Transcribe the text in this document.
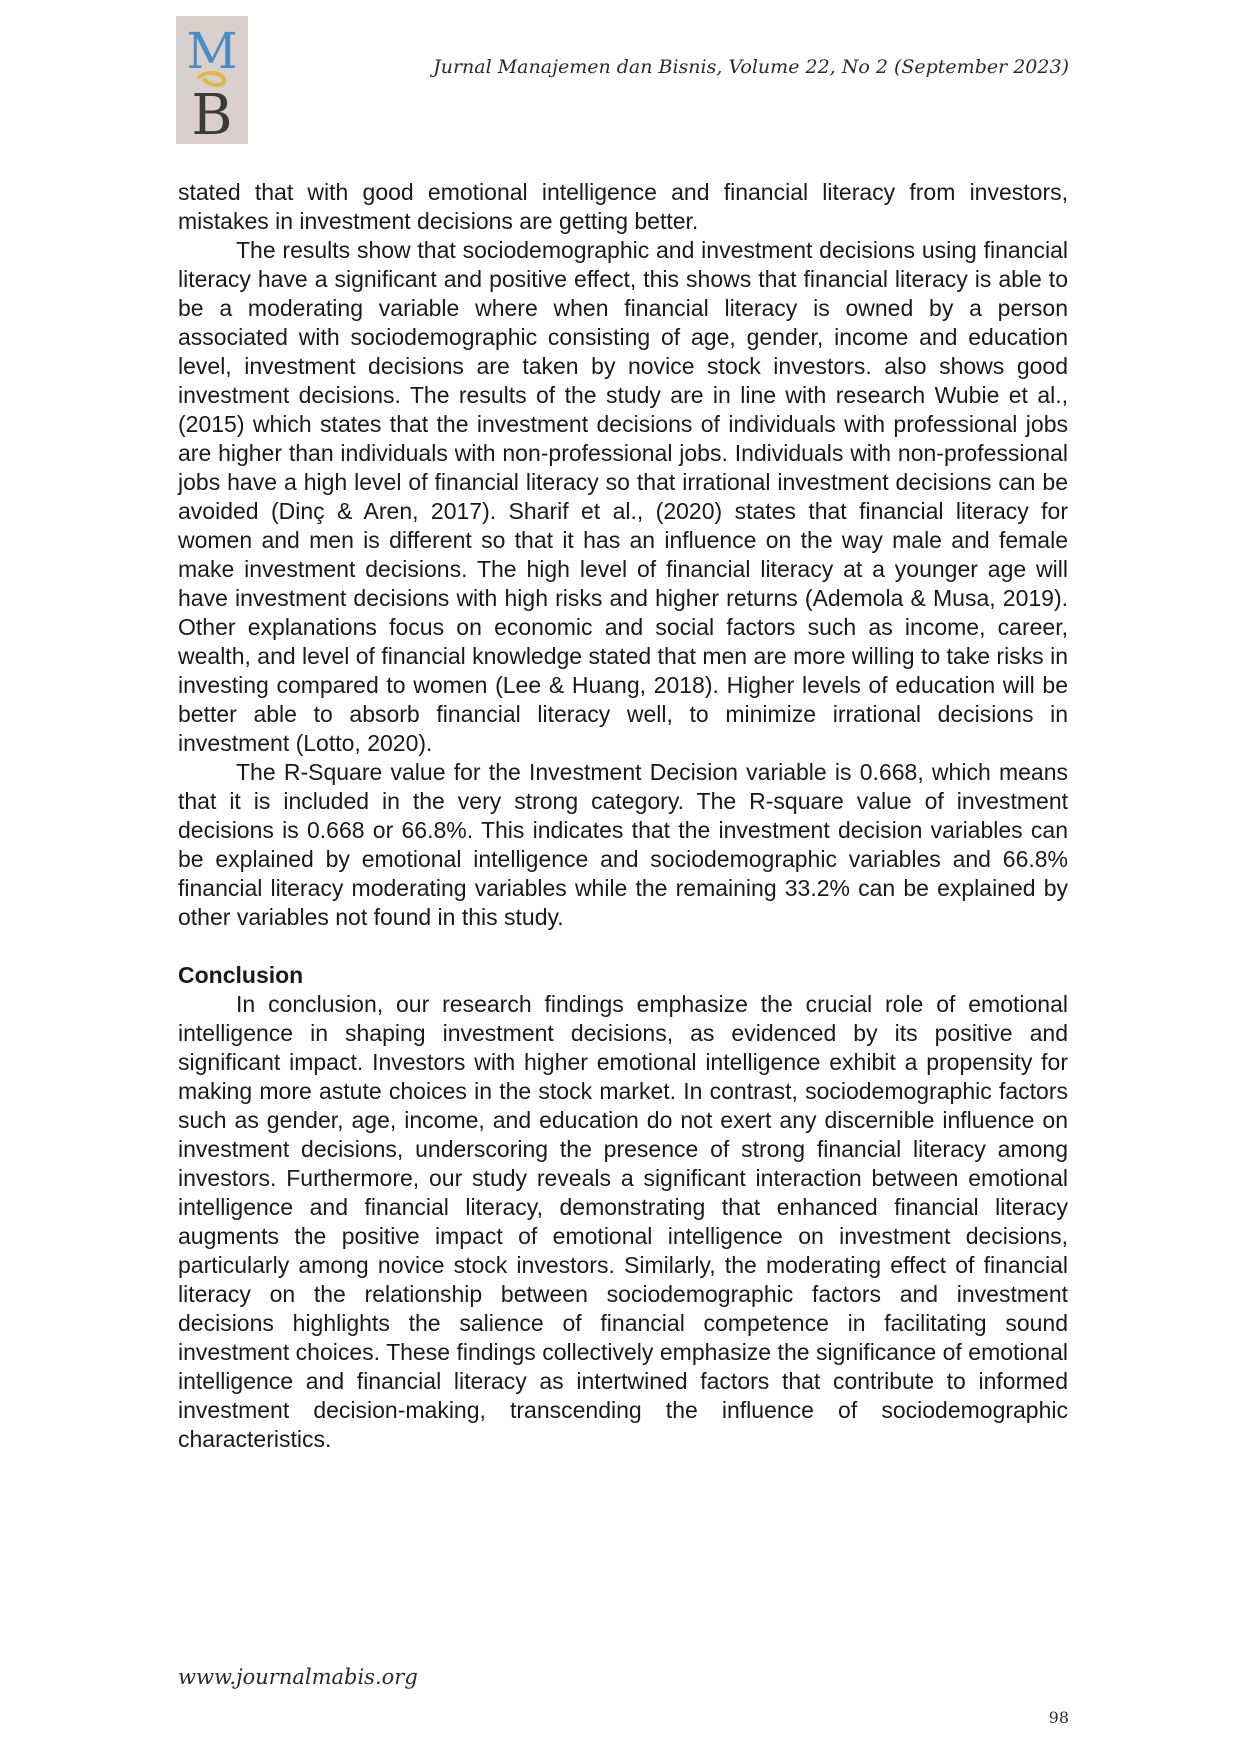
M
B
Jurnal Manajemen dan Bisnis, Volume 22, No 2 (September 2023)

stated that with good emotional intelligence and financial literacy from investors, mistakes in investment decisions are getting better.

The results show that sociodemographic and investment decisions using financial literacy have a significant and positive effect, this shows that financial literacy is able to be a moderating variable where when financial literacy is owned by a person associated with sociodemographic consisting of age, gender, income and education level, investment decisions are taken by novice stock investors. also shows good investment decisions. The results of the study are in line with research Wubie et al., (2015) which states that the investment decisions of individuals with professional jobs are higher than individuals with non-professional jobs. Individuals with non-professional jobs have a high level of financial literacy so that irrational investment decisions can be avoided (Dinç & Aren, 2017). Sharif et al., (2020) states that financial literacy for women and men is different so that it has an influence on the way male and female make investment decisions. The high level of financial literacy at a younger age will have investment decisions with high risks and higher returns (Ademola & Musa, 2019). Other explanations focus on economic and social factors such as income, career, wealth, and level of financial knowledge stated that men are more willing to take risks in investing compared to women (Lee & Huang, 2018). Higher levels of education will be better able to absorb financial literacy well, to minimize irrational decisions in investment (Lotto, 2020).

The R-Square value for the Investment Decision variable is 0.668, which means that it is included in the very strong category. The R-square value of investment decisions is 0.668 or 66.8%. This indicates that the investment decision variables can be explained by emotional intelligence and sociodemographic variables and 66.8% financial literacy moderating variables while the remaining 33.2% can be explained by other variables not found in this study.

Conclusion

In conclusion, our research findings emphasize the crucial role of emotional intelligence in shaping investment decisions, as evidenced by its positive and significant impact. Investors with higher emotional intelligence exhibit a propensity for making more astute choices in the stock market. In contrast, sociodemographic factors such as gender, age, income, and education do not exert any discernible influence on investment decisions, underscoring the presence of strong financial literacy among investors. Furthermore, our study reveals a significant interaction between emotional intelligence and financial literacy, demonstrating that enhanced financial literacy augments the positive impact of emotional intelligence on investment decisions, particularly among novice stock investors. Similarly, the moderating effect of financial literacy on the relationship between sociodemographic factors and investment decisions highlights the salience of financial competence in facilitating sound investment choices. These findings collectively emphasize the significance of emotional intelligence and financial literacy as intertwined factors that contribute to informed investment decision-making, transcending the influence of sociodemographic characteristics.

www.journalmabis.org
98
